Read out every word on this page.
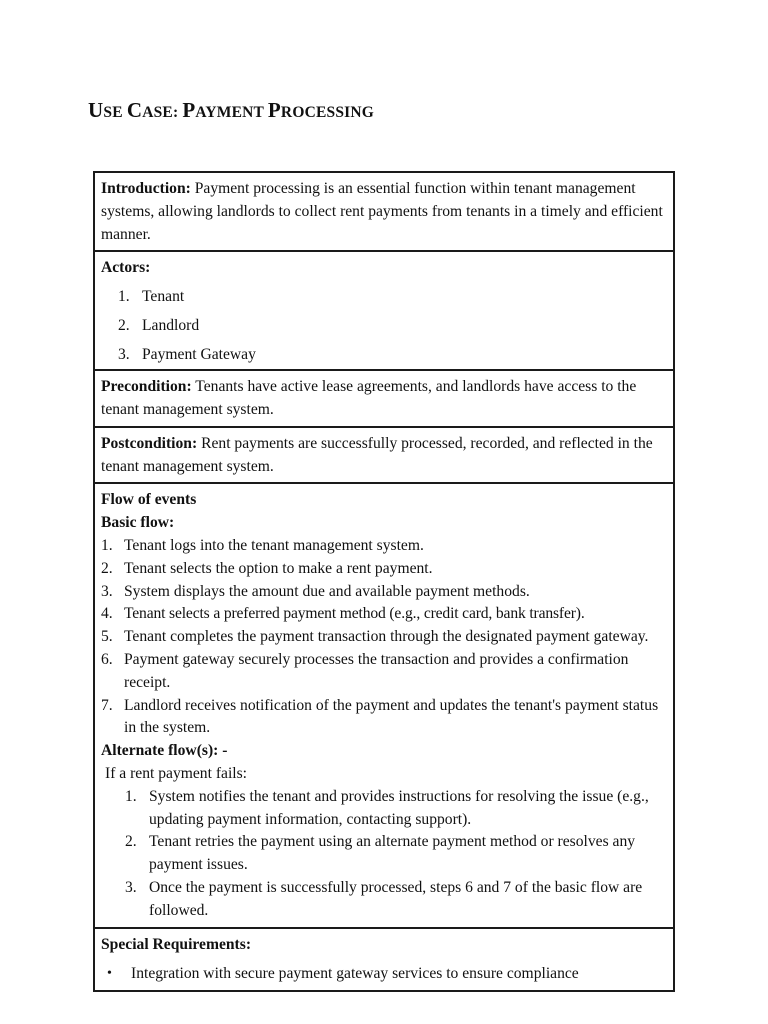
USE CASE: PAYMENT PROCESSING
Introduction: Payment processing is an essential function within tenant management systems, allowing landlords to collect rent payments from tenants in a timely and efficient manner.
Actors:
1. Tenant
2. Landlord
3. Payment Gateway
Precondition: Tenants have active lease agreements, and landlords have access to the tenant management system.
Postcondition: Rent payments are successfully processed, recorded, and reflected in the tenant management system.
Flow of events
Basic flow:
1. Tenant logs into the tenant management system.
2. Tenant selects the option to make a rent payment.
3. System displays the amount due and available payment methods.
4. Tenant selects a preferred payment method (e.g., credit card, bank transfer).
5. Tenant completes the payment transaction through the designated payment gateway.
6. Payment gateway securely processes the transaction and provides a confirmation receipt.
7. Landlord receives notification of the payment and updates the tenant's payment status in the system.
Alternate flow(s): -
If a rent payment fails:
1. System notifies the tenant and provides instructions for resolving the issue (e.g., updating payment information, contacting support).
2. Tenant retries the payment using an alternate payment method or resolves any payment issues.
3. Once the payment is successfully processed, steps 6 and 7 of the basic flow are followed.
Special Requirements:
•	Integration with secure payment gateway services to ensure compliance
